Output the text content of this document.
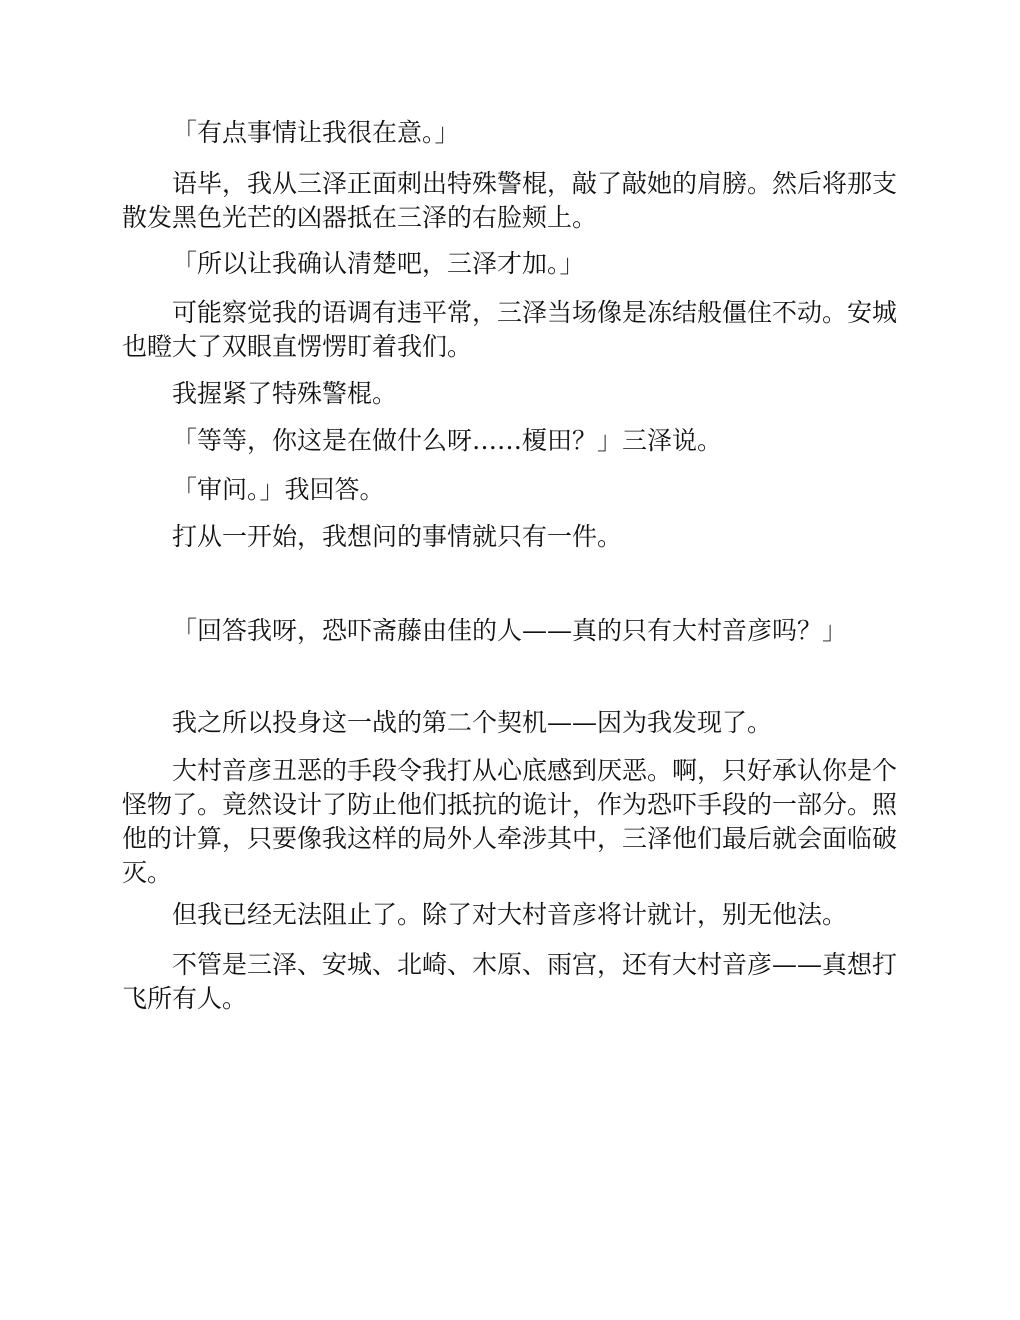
「有点事情让我很在意。」

语毕，我从三泽正面刺出特殊警棍，敲了敲她的肩膀。然后将那支散发黑色光芒的凶器抵在三泽的右脸颊上。

「所以让我确认清楚吧，三泽才加。」

可能察觉我的语调有违平常，三泽当场像是冻结般僵住不动。安城也瞪大了双眼直愣愣盯着我们。

我握紧了特殊警棍。

「等等，你这是在做什么呀……榎田？」三泽说。

「审问。」我回答。

打从一开始，我想问的事情就只有一件。

「回答我呀，恐吓斋藤由佳的人——真的只有大村音彦吗？」

我之所以投身这一战的第二个契机——因为我发现了。

大村音彦丑恶的手段令我打从心底感到厌恶。啊，只好承认你是个怪物了。竟然设计了防止他们抵抗的诡计，作为恐吓手段的一部分。照他的计算，只要像我这样的局外人牵涉其中，三泽他们最后就会面临破灭。

但我已经无法阻止了。除了对大村音彦将计就计，别无他法。

不管是三泽、安城、北崎、木原、雨宫，还有大村音彦——真想打飞所有人。
